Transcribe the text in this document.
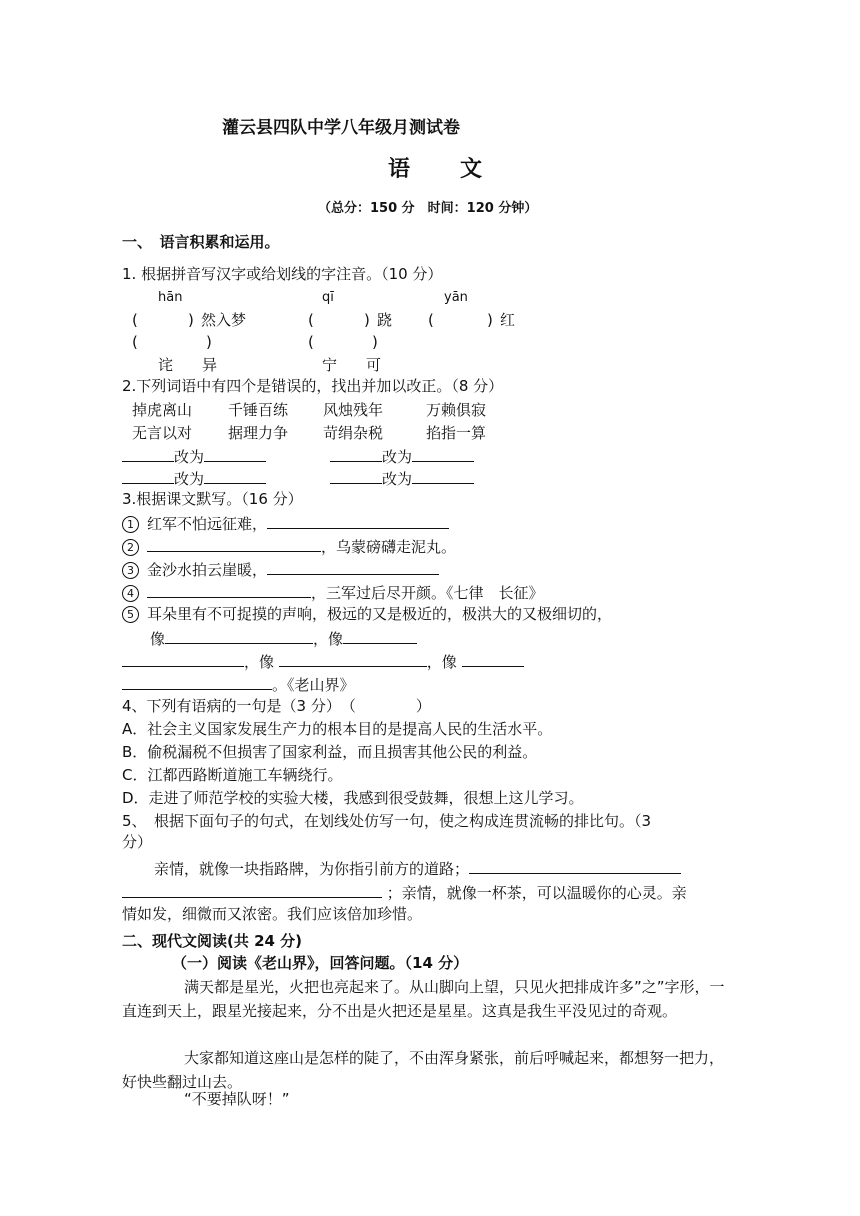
灌云县四队中学八年级月测试卷
语　文
（总分：150 分　时间：120 分钟）
一、　语言积累和运用。
1. 根据拼音写汉字或给划线的字注音。（10 分）
hān	qī	yān
(	) 然入梦	(	) 跷 (	) 红
(	)	(	)
诧 异	宁 可
2.下列词语中有四个是错误的，找出并加以改正。（8 分）
掉虎离山 千锤百练 风烛残年	万赖俱寂
无言以对 据理力争 苛绢杂税	掐指一算
改为	改为
改为	改为
3.根据课文默写。（16 分）
1 红军不怕远征难，
2	，乌蒙磅礴走泥丸。
3 金沙水拍云崖暖，
4	，三军过后尽开颜。《七律　长征》
5 耳朵里有不可捉摸的声响，极远的又是极近的，极洪大的又极细切的，
像	，像
，像	，像
。《老山界》
4、下列有语病的一句是（3 分）　（　　　　）
A．社会主义国家发展生产力的根本目的是提高人民的生活水平。
B．偷税漏税不但损害了国家利益，而且损害其他公民的利益。
C．江都西路断道施工车辆绕行。
D．走进了师范学校的实验大楼，我感到很受鼓舞，很想上这儿学习。
5、　根据下面句子的句式，在划线处仿写一句，使之构成连贯流畅的排比句。（3
分）
亲情，就像一块指路牌，为你指引前方的道路；
；亲情，就像一杯茶，可以温暖你的心灵。亲
情如发，细微而又浓密。我们应该倍加珍惜。
二、现代文阅读(共 24 分)
（一）阅读《老山界》，回答问题。（14 分）
满天都是星光，火把也亮起来了。从山脚向上望，只见火把排成许多”之”字形，一直连到天上，跟星光接起来，分不出是火把还是星星。这真是我生平没见过的奇观。
大家都知道这座山是怎样的陡了，不由浑身紧张，前后呼喊起来，都想努一把力，好快些翻过山去。
“不要掉队呀！”
